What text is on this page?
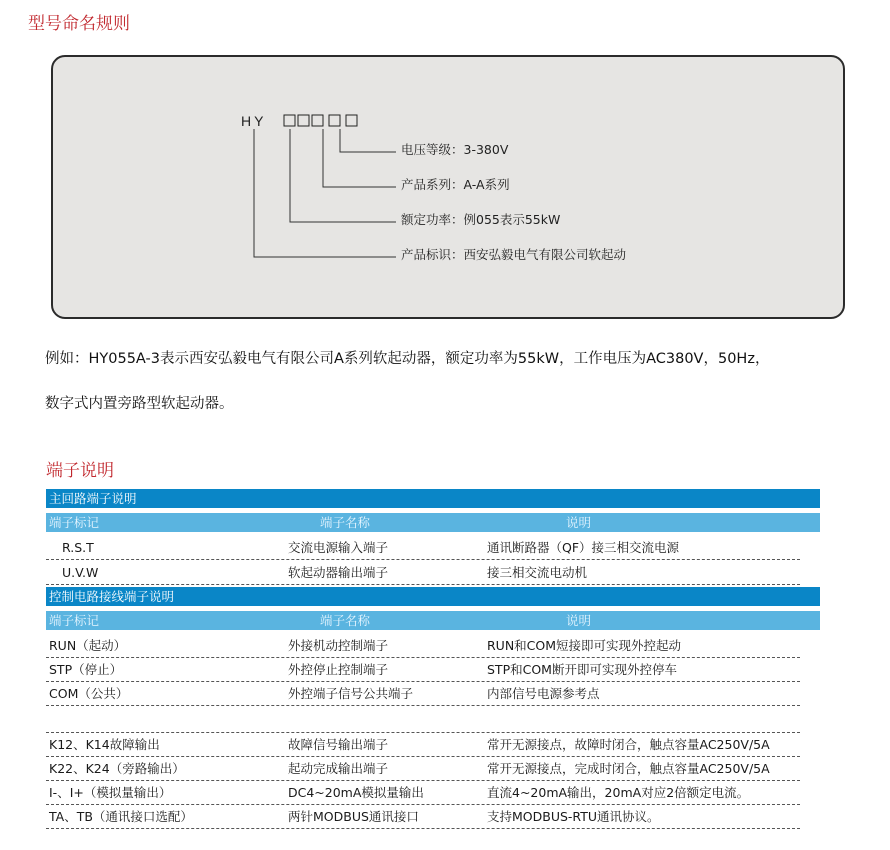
型号命名规则
HY
电压等级：3-380V
产品系列：A-A系列
额定功率：例055表示55kW
产品标识：西安弘毅电气有限公司软起动
例如：HY055A-3表示西安弘毅电气有限公司A系列软起动器，额定功率为55kW，工作电压为AC380V，50Hz，
数字式内置旁路型软起动器。
端子说明
主回路端子说明
端子标记	端子名称	说明
R.S.T	交流电源输入端子	通讯断路器（QF）接三相交流电源
U.V.W	软起动器输出端子	接三相交流电动机
控制电路接线端子说明
端子标记	端子名称	说明
RUN（起动）	外接机动控制端子	RUN和COM短接即可实现外控起动
STP（停止）	外控停止控制端子	STP和COM断开即可实现外控停车
COM（公共）	外控端子信号公共端子	内部信号电源参考点
K12、K14故障输出	故障信号输出端子	常开无源接点，故障时闭合，触点容量AC250V/5A
K22、K24（旁路输出）	起动完成输出端子	常开无源接点，完成时闭合，触点容量AC250V/5A
I-、I+（模拟量输出）	DC4~20mA模拟量输出	直流4~20mA输出，20mA对应2倍额定电流。
TA、TB（通讯接口选配）	两针MODBUS通讯接口	支持MODBUS-RTU通讯协议。
